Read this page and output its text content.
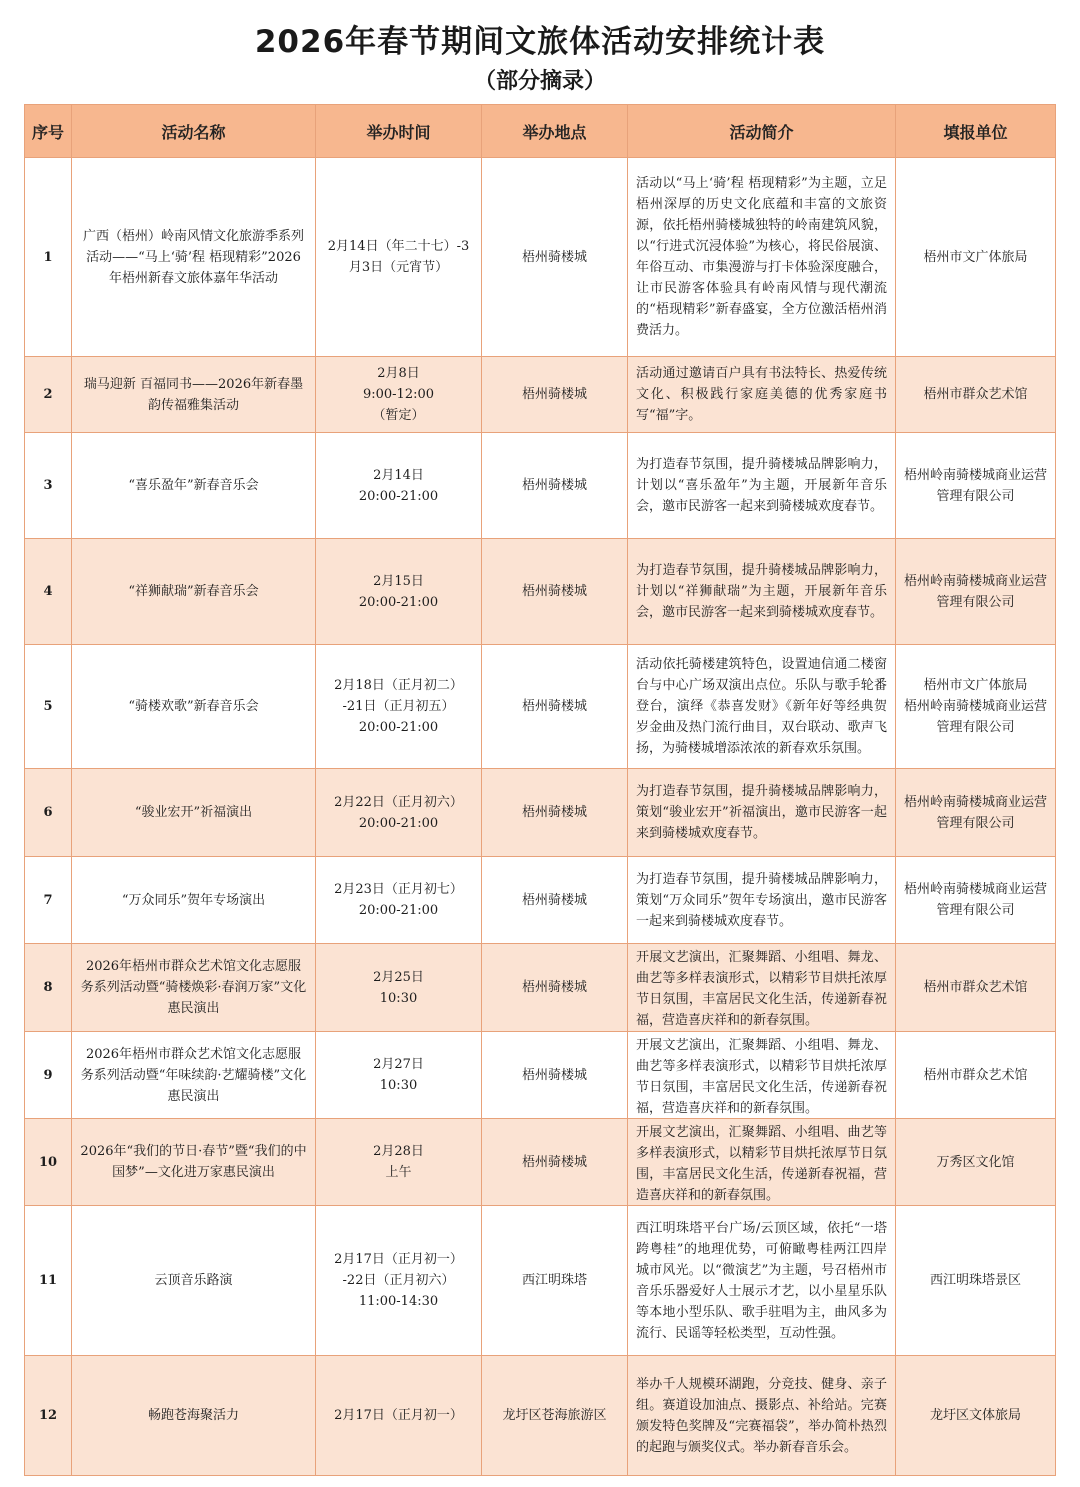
2026年春节期间文旅体活动安排统计表
（部分摘录）
序号	活动名称	举办时间	举办地点	活动简介	填报单位
1	广西（梧州）岭南风情文化旅游季系列活动——“马上‘骑’程 梧现精彩”2026年梧州新春文旅体嘉年华活动	2月14日（年二十七）-3月3日（元宵节）	梧州骑楼城	活动以“马上‘骑’程 梧现精彩”为主题，立足梧州深厚的历史文化底蕴和丰富的文旅资源，依托梧州骑楼城独特的岭南建筑风貌，以“行进式沉浸体验”为核心，将民俗展演、年俗互动、市集漫游与打卡体验深度融合，让市民游客体验具有岭南风情与现代潮流的“梧现精彩”新春盛宴，全方位激活梧州消费活力。	梧州市文广体旅局
2	瑞马迎新 百福同书——2026年新春墨韵传福雅集活动	2月8日
9:00-12:00
（暂定）	梧州骑楼城	活动通过邀请百户具有书法特长、热爱传统文化、积极践行家庭美德的优秀家庭书写“福”字。	梧州市群众艺术馆
3	“喜乐盈年”新春音乐会	2月14日
20:00-21:00	梧州骑楼城	为打造春节氛围，提升骑楼城品牌影响力，计划以“喜乐盈年”为主题，开展新年音乐会，邀市民游客一起来到骑楼城欢度春节。	梧州岭南骑楼城商业运营管理有限公司
4	“祥狮献瑞”新春音乐会	2月15日
20:00-21:00	梧州骑楼城	为打造春节氛围，提升骑楼城品牌影响力，计划以“祥狮献瑞”为主题，开展新年音乐会，邀市民游客一起来到骑楼城欢度春节。	梧州岭南骑楼城商业运营管理有限公司
5	“骑楼欢歌”新春音乐会	2月18日（正月初二）
-21日（正月初五）
20:00-21:00	梧州骑楼城	活动依托骑楼建筑特色，设置迪信通二楼窗台与中心广场双演出点位。乐队与歌手轮番登台，演绎《恭喜发财》《新年好等经典贺岁金曲及热门流行曲目，双台联动、歌声飞扬，为骑楼城增添浓浓的新春欢乐氛围。	梧州市文广体旅局
梧州岭南骑楼城商业运营管理有限公司
6	“骏业宏开”祈福演出	2月22日（正月初六）
20:00-21:00	梧州骑楼城	为打造春节氛围，提升骑楼城品牌影响力，策划“骏业宏开”祈福演出，邀市民游客一起来到骑楼城欢度春节。	梧州岭南骑楼城商业运营管理有限公司
7	“万众同乐”贺年专场演出	2月23日（正月初七）
20:00-21:00	梧州骑楼城	为打造春节氛围，提升骑楼城品牌影响力，策划“万众同乐”贺年专场演出，邀市民游客一起来到骑楼城欢度春节。	梧州岭南骑楼城商业运营管理有限公司
8	2026年梧州市群众艺术馆文化志愿服务系列活动暨“骑楼焕彩·春润万家”文化惠民演出	2月25日
10:30	梧州骑楼城	开展文艺演出，汇聚舞蹈、小组唱、舞龙、曲艺等多样表演形式，以精彩节目烘托浓厚节日氛围，丰富居民文化生活，传递新春祝福，营造喜庆祥和的新春氛围。	梧州市群众艺术馆
9	2026年梧州市群众艺术馆文化志愿服务系列活动暨“年味续韵·艺耀骑楼”文化惠民演出	2月27日
10:30	梧州骑楼城	开展文艺演出，汇聚舞蹈、小组唱、舞龙、曲艺等多样表演形式，以精彩节目烘托浓厚节日氛围，丰富居民文化生活，传递新春祝福，营造喜庆祥和的新春氛围。	梧州市群众艺术馆
10	2026年“我们的节日·春节”暨“我们的中国梦”—文化进万家惠民演出	2月28日
上午	梧州骑楼城	开展文艺演出，汇聚舞蹈、小组唱、曲艺等多样表演形式，以精彩节目烘托浓厚节日氛围，丰富居民文化生活，传递新春祝福，营造喜庆祥和的新春氛围。	万秀区文化馆
11	云顶音乐路演	2月17日（正月初一）
-22日（正月初六）
11:00-14:30	西江明珠塔	西江明珠塔平台广场/云顶区域，依托“一塔跨粤桂”的地理优势，可俯瞰粤桂两江四岸城市风光。以“微演艺”为主题，号召梧州市音乐乐器爱好人士展示才艺，以小星星乐队等本地小型乐队、歌手驻唱为主，曲风多为流行、民谣等轻松类型，互动性强。	西江明珠塔景区
12	畅跑苍海聚活力	2月17日（正月初一）	龙圩区苍海旅游区	举办千人规模环湖跑，分竞技、健身、亲子组。赛道设加油点、摄影点、补给站。完赛颁发特色奖牌及“完赛福袋”，举办简朴热烈的起跑与颁奖仪式。举办新春音乐会。	龙圩区文体旅局
